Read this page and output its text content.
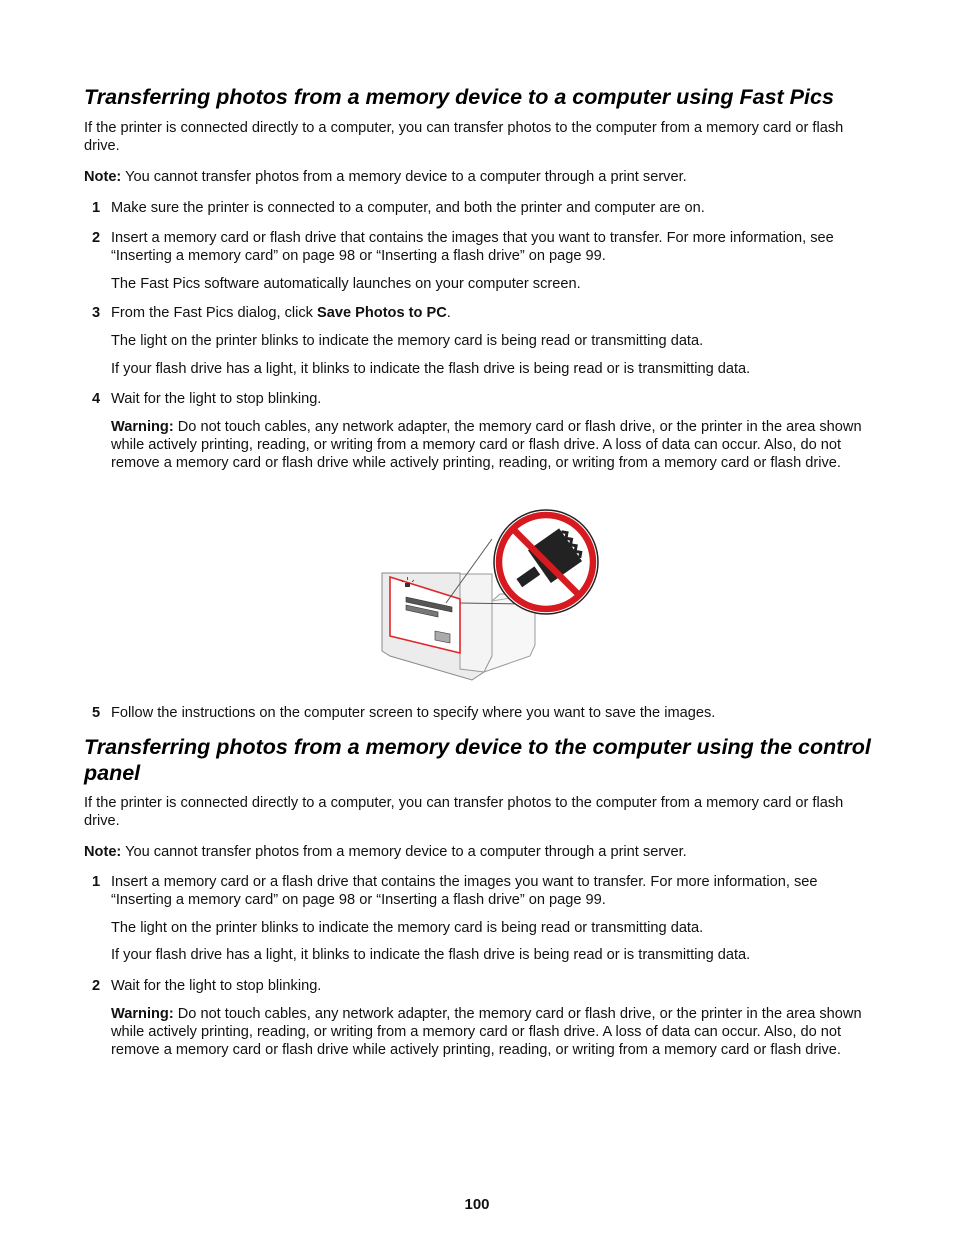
Transferring photos from a memory device to a computer using Fast Pics

If the printer is connected directly to a computer, you can transfer photos to the computer from a memory card or flash drive.

Note: You cannot transfer photos from a memory device to a computer through a print server.

1 Make sure the printer is connected to a computer, and both the printer and computer are on.

2 Insert a memory card or flash drive that contains the images that you want to transfer. For more information, see “Inserting a memory card” on page 98 or “Inserting a flash drive” on page 99.

The Fast Pics software automatically launches on your computer screen.

3 From the Fast Pics dialog, click Save Photos to PC.

The light on the printer blinks to indicate the memory card is being read or transmitting data.

If your flash drive has a light, it blinks to indicate the flash drive is being read or is transmitting data.

4 Wait for the light to stop blinking.

Warning: Do not touch cables, any network adapter, the memory card or flash drive, or the printer in the area shown while actively printing, reading, or writing from a memory card or flash drive. A loss of data can occur. Also, do not remove a memory card or flash drive while actively printing, reading, or writing from a memory card or flash drive.

5 Follow the instructions on the computer screen to specify where you want to save the images.

Transferring photos from a memory device to the computer using the control
panel

If the printer is connected directly to a computer, you can transfer photos to the computer from a memory card or flash drive.

Note: You cannot transfer photos from a memory device to a computer through a print server.

1 Insert a memory card or a flash drive that contains the images you want to transfer. For more information, see “Inserting a memory card” on page 98 or “Inserting a flash drive” on page 99.

The light on the printer blinks to indicate the memory card is being read or transmitting data.

If your flash drive has a light, it blinks to indicate the flash drive is being read or is transmitting data.

2 Wait for the light to stop blinking.

Warning: Do not touch cables, any network adapter, the memory card or flash drive, or the printer in the area shown while actively printing, reading, or writing from a memory card or flash drive. A loss of data can occur. Also, do not remove a memory card or flash drive while actively printing, reading, or writing from a memory card or flash drive.

100
